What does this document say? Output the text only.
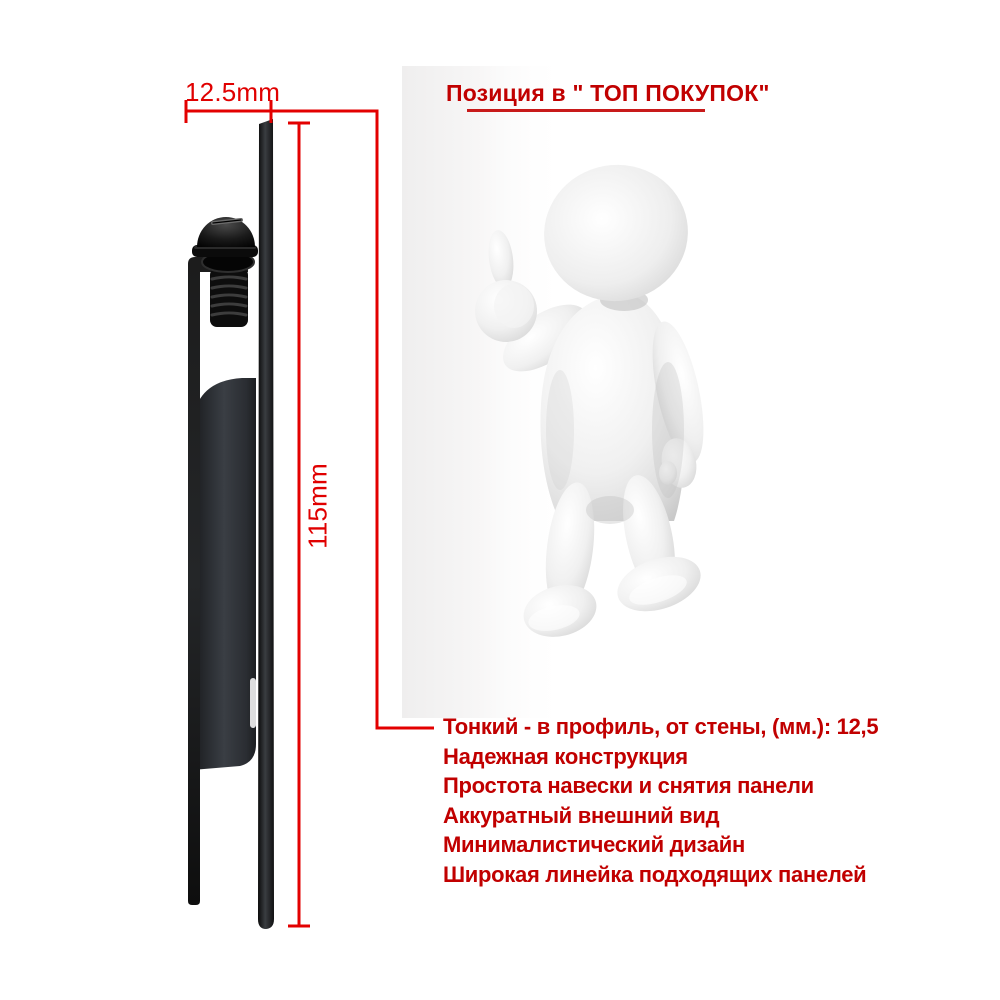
12.5mm
115mm
Позиция в " ТОП ПОКУПОК"
Тонкий - в профиль, от стены, (мм.): 12,5
Надежная конструкция
Простота навески и снятия панели
Аккуратный внешний вид
Минималистический дизайн
Широкая линейка подходящих панелей
